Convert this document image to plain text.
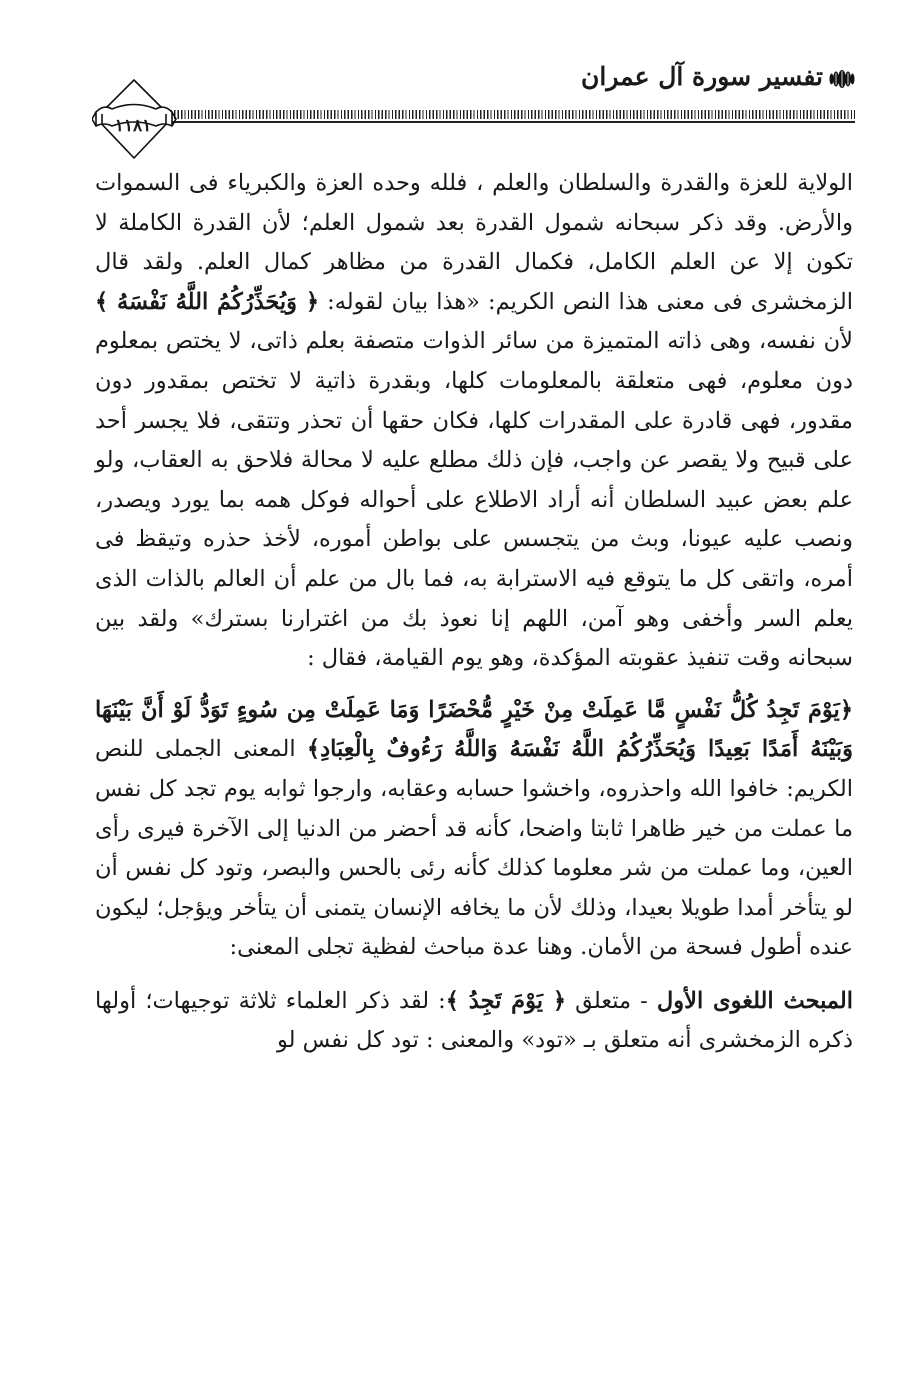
تفسير سورة آل عمران
١١٨١

الولاية للعزة والقدرة والسلطان والعلم ، فلله وحده العزة والكبرياء فى السموات والأرض. وقد ذكر سبحانه شمول القدرة بعد شمول العلم؛ لأن القدرة الكاملة لا تكون إلا عن العلم الكامل، فكمال القدرة من مظاهر كمال العلم. ولقد قال الزمخشرى فى معنى هذا النص الكريم: «هذا بيان لقوله: ﴿ وَيُحَذِّرُكُمُ اللَّهُ نَفْسَهُ ﴾ لأن نفسه، وهى ذاته المتميزة من سائر الذوات متصفة بعلم ذاتى، لا يختص بمعلوم دون معلوم، فهى متعلقة بالمعلومات كلها، وبقدرة ذاتية لا تختص بمقدور دون مقدور، فهى قادرة على المقدرات كلها، فكان حقها أن تحذر وتتقى، فلا يجسر أحد على قبيح ولا يقصر عن واجب، فإن ذلك مطلع عليه لا محالة فلاحق به العقاب، ولو علم بعض عبيد السلطان أنه أراد الاطلاع على أحواله فوكل همه بما يورد ويصدر، ونصب عليه عيونا، وبث من يتجسس على بواطن أموره، لأخذ حذره وتيقظ فى أمره، واتقى كل ما يتوقع فيه الاسترابة به، فما بال من علم أن العالم بالذات الذى يعلم السر وأخفى وهو آمن، اللهم إنا نعوذ بك من اغترارنا بسترك» ولقد بين سبحانه وقت تنفيذ عقوبته المؤكدة، وهو يوم القيامة، فقال :

﴿يَوْمَ تَجِدُ كُلُّ نَفْسٍ مَّا عَمِلَتْ مِنْ خَيْرٍ مُّحْضَرًا وَمَا عَمِلَتْ مِن سُوءٍ تَوَدُّ لَوْ أَنَّ بَيْنَهَا وَبَيْنَهُ أَمَدًا بَعِيدًا وَيُحَذِّرُكُمُ اللَّهُ نَفْسَهُ وَاللَّهُ رَءُوفٌ بِالْعِبَادِ﴾ المعنى الجملى للنص الكريم: خافوا الله واحذروه، واخشوا حسابه وعقابه، وارجوا ثوابه يوم تجد كل نفس ما عملت من خير ظاهرا ثابتا واضحا، كأنه قد أحضر من الدنيا إلى الآخرة فيرى رأى العين، وما عملت من شر معلوما كذلك كأنه رئى بالحس والبصر، وتود كل نفس أن لو يتأخر أمدا طويلا بعيدا، وذلك لأن ما يخافه الإنسان يتمنى أن يتأخر ويؤجل؛ ليكون عنده أطول فسحة من الأمان. وهنا عدة مباحث لفظية تجلى المعنى:

المبحث اللغوى الأول - متعلق ﴿ يَوْمَ تَجِدُ ﴾: لقد ذكر العلماء ثلاثة توجيهات؛ أولها ذكره الزمخشرى أنه متعلق بـ «تود» والمعنى : تود كل نفس لو
